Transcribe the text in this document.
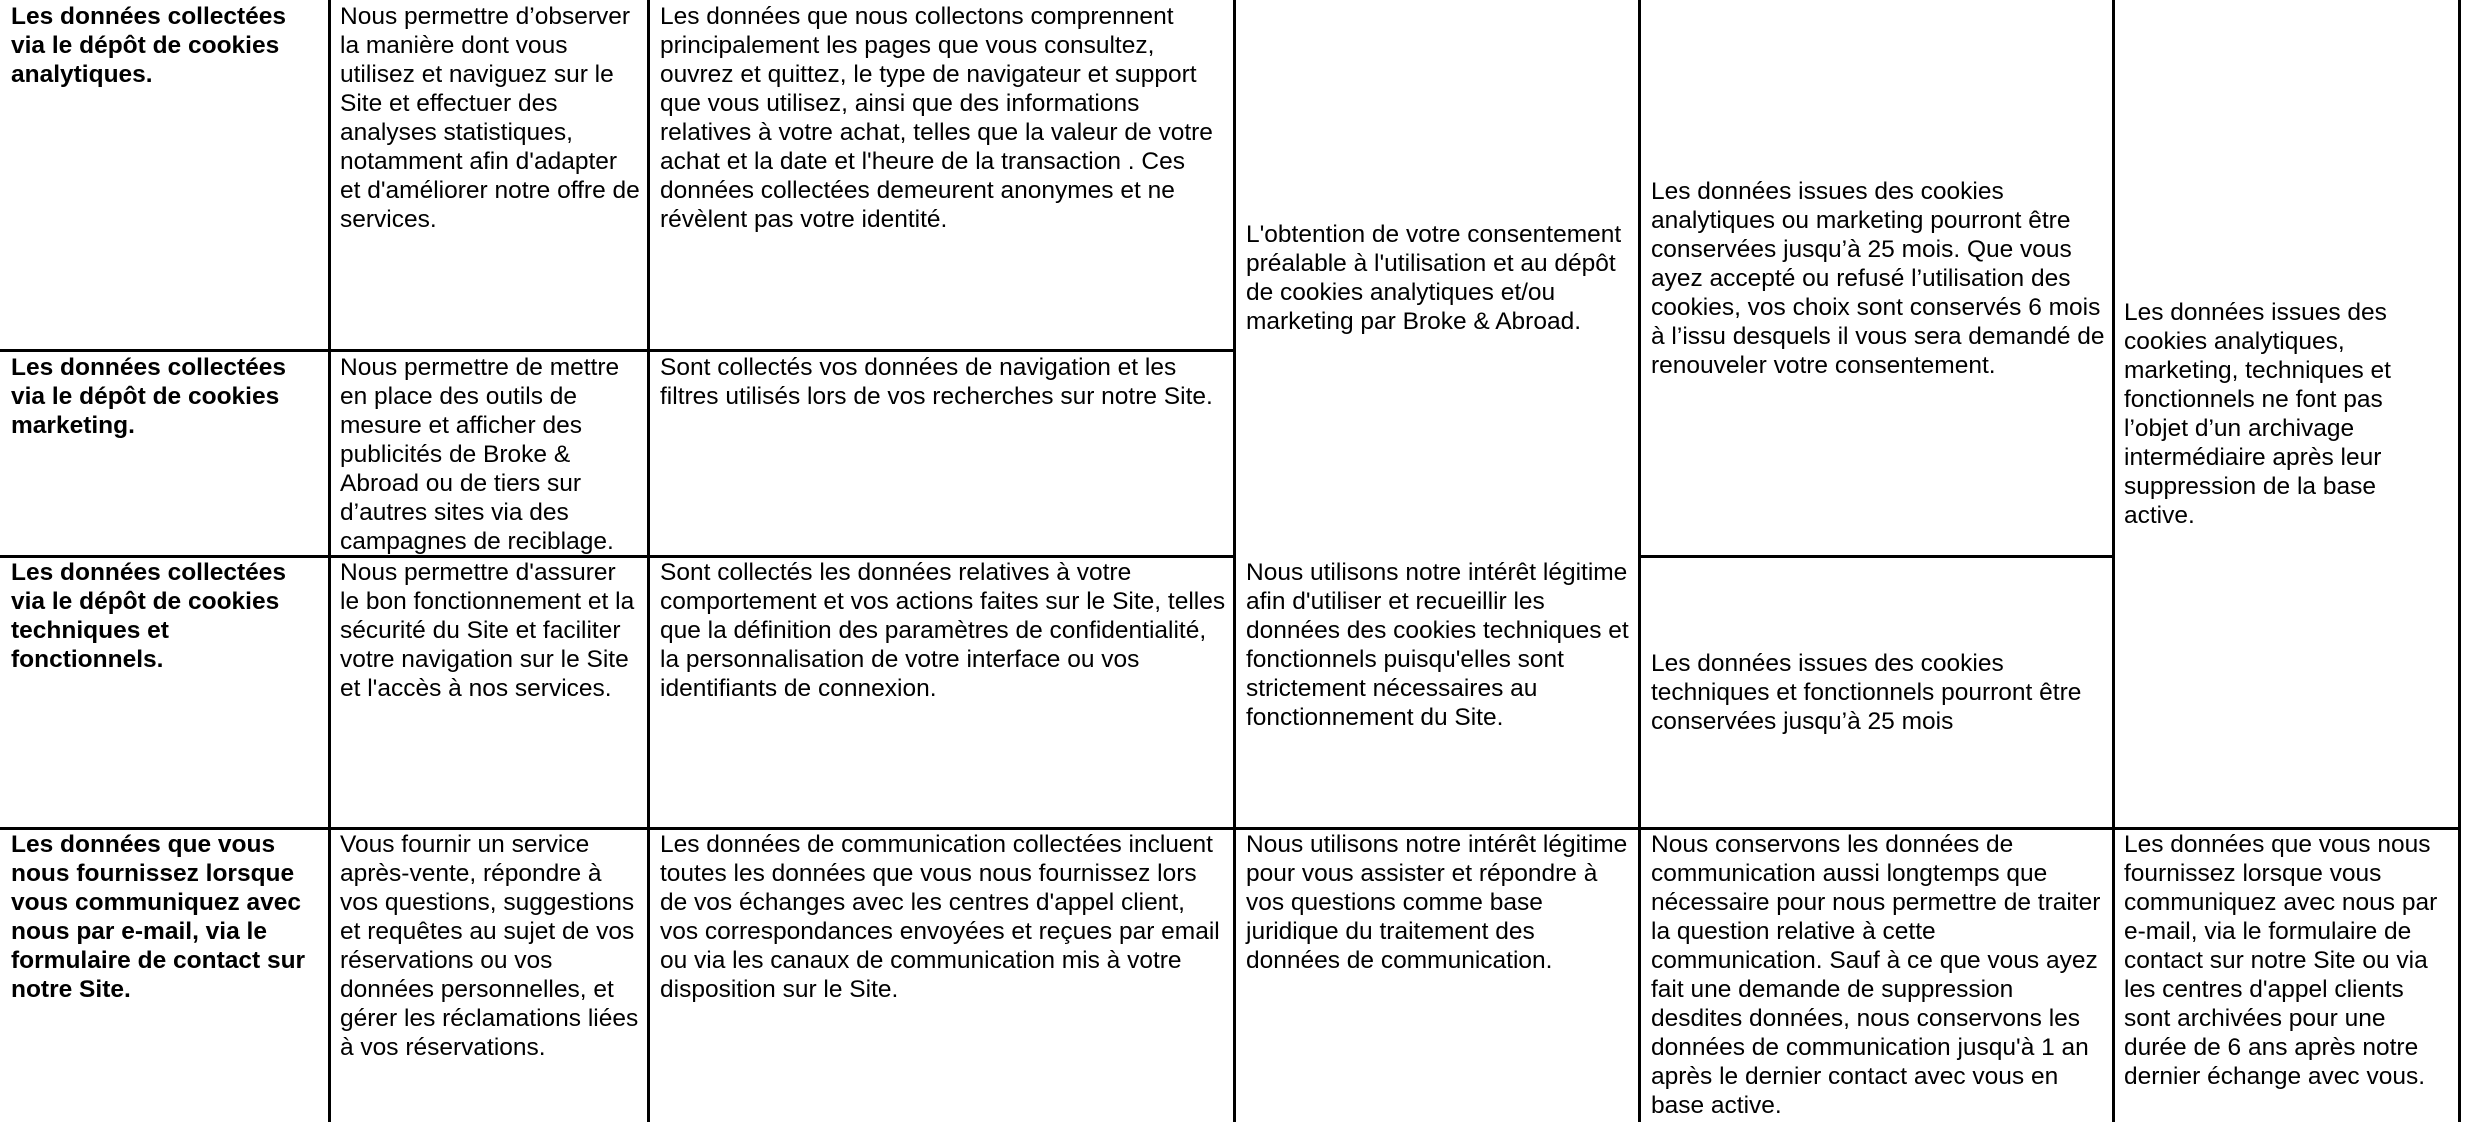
Les données collectées via le dépôt de cookies analytiques.
Nous permettre d’observer la manière dont vous utilisez et naviguez sur le Site et effectuer des analyses statistiques, notamment afin d'adapter et d'améliorer notre offre de services.
Les données que nous collectons comprennent principalement les pages que vous consultez, ouvrez et quittez, le type de navigateur et support que vous utilisez, ainsi que des informations relatives à votre achat, telles que la valeur de votre achat et la date et l'heure de la transaction . Ces données collectées demeurent anonymes et ne révèlent pas votre identité.
Les données collectées via le dépôt de cookies marketing.
Nous permettre de mettre en place des outils de mesure et afficher des publicités de Broke & Abroad ou de tiers sur d’autres sites via des campagnes de reciblage.
Sont collectés vos données de navigation et les filtres utilisés lors de vos recherches sur notre Site.
Les données collectées via le dépôt de cookies techniques et fonctionnels.
Nous permettre d'assurer le bon fonctionnement et la sécurité du Site et faciliter votre navigation sur le Site et l'accès à nos services.
Sont collectés les données relatives à votre comportement et vos actions faites sur le Site, telles que la définition des paramètres de confidentialité, la personnalisation de votre interface ou vos identifiants de connexion.
Les données que vous nous fournissez lorsque vous communiquez avec nous par e-mail, via le formulaire de contact sur notre Site.
Vous fournir un service après-vente, répondre à vos questions, suggestions et requêtes au sujet de vos réservations ou vos données personnelles, et gérer les réclamations liées à vos réservations.
Les données de communication collectées incluent toutes les données que vous nous fournissez lors de vos échanges avec les centres d'appel client, vos correspondances envoyées et reçues par email ou via les canaux de communication mis à votre disposition sur le Site.
L'obtention de votre consentement préalable à l'utilisation et au dépôt de cookies analytiques et/ou marketing par Broke & Abroad.
Nous utilisons notre intérêt légitime afin d'utiliser et recueillir les données des cookies techniques et fonctionnels puisqu'elles sont strictement nécessaires au fonctionnement du Site.
Nous utilisons notre intérêt légitime pour vous assister et répondre à vos questions comme base juridique du traitement des données de communication.
Les données issues des cookies analytiques ou marketing pourront être conservées jusqu’à 25 mois. Que vous ayez accepté ou refusé l’utilisation des cookies, vos choix sont conservés 6 mois à l’issu desquels il vous sera demandé de renouveler votre consentement.
Les données issues des cookies techniques et fonctionnels pourront être conservées jusqu’à 25 mois
Nous conservons les données de communication aussi longtemps que nécessaire pour nous permettre de traiter la question relative à cette communication. Sauf à ce que vous ayez fait une demande de suppression desdites données, nous conservons les données de communication jusqu'à 1 an après le dernier contact avec vous en base active.
Les données issues des cookies analytiques, marketing, techniques et fonctionnels ne font pas l’objet d’un archivage intermédiaire après leur suppression de la base active.
Les données que vous nous fournissez lorsque vous communiquez avec nous par e-mail, via le formulaire de contact sur notre Site ou via les centres d'appel clients sont archivées pour une durée de 6 ans après notre dernier échange avec vous.
